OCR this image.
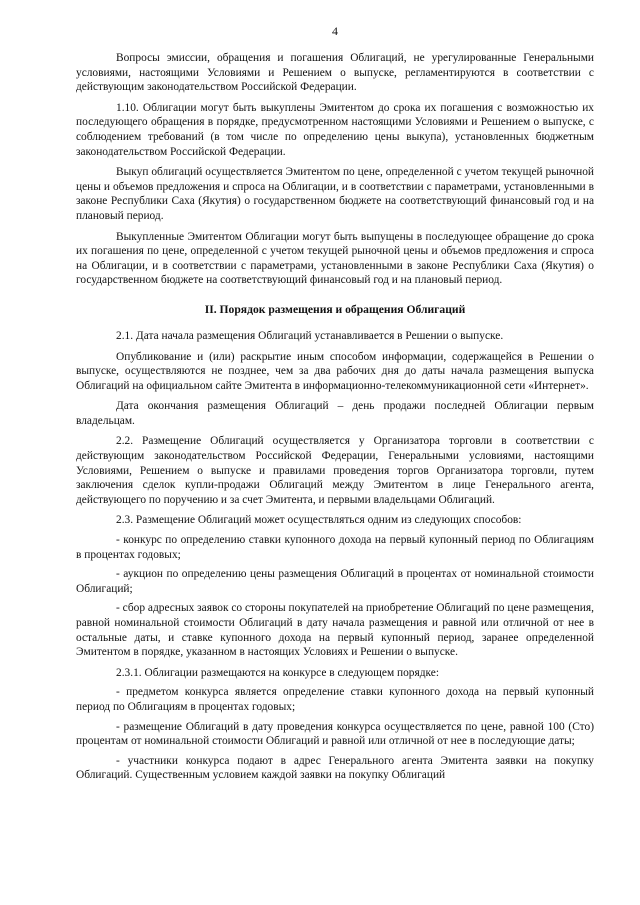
4

Вопросы эмиссии, обращения и погашения Облигаций, не урегулированные Генеральными условиями, настоящими Условиями и Решением о выпуске, регламентируются в соответствии с действующим законодательством Российской Федерации.

1.10. Облигации могут быть выкуплены Эмитентом до срока их погашения с возможностью их последующего обращения в порядке, предусмотренном настоящими Условиями и Решением о выпуске, с соблюдением требований (в том числе по определению цены выкупа), установленных бюджетным законодательством Российской Федерации.

Выкуп облигаций осуществляется Эмитентом по цене, определенной с учетом текущей рыночной цены и объемов предложения и спроса на Облигации, и в соответствии с параметрами, установленными в законе Республики Саха (Якутия) о государственном бюджете на соответствующий финансовый год и на плановый период.

Выкупленные Эмитентом Облигации могут быть выпущены в последующее обращение до срока их погашения по цене, определенной с учетом текущей рыночной цены и объемов предложения и спроса на Облигации, и в соответствии с параметрами, установленными в законе Республики Саха (Якутия) о государственном бюджете на соответствующий финансовый год и на плановый период.

II. Порядок размещения и обращения Облигаций

2.1. Дата начала размещения Облигаций устанавливается в Решении о выпуске.

Опубликование и (или) раскрытие иным способом информации, содержащейся в Решении о выпуске, осуществляются не позднее, чем за два рабочих дня до даты начала размещения выпуска Облигаций на официальном сайте Эмитента в информационно-телекоммуникационной сети «Интернет».

Дата окончания размещения Облигаций – день продажи последней Облигации первым владельцам.

2.2. Размещение Облигаций осуществляется у Организатора торговли в соответствии с действующим законодательством Российской Федерации, Генеральными условиями, настоящими Условиями, Решением о выпуске и правилами проведения торгов Организатора торговли, путем заключения сделок купли-продажи Облигаций между Эмитентом в лице Генерального агента, действующего по поручению и за счет Эмитента, и первыми владельцами Облигаций.

2.3. Размещение Облигаций может осуществляться одним из следующих способов:

- конкурс по определению ставки купонного дохода на первый купонный период по Облигациям в процентах годовых;

- аукцион по определению цены размещения Облигаций в процентах от номинальной стоимости Облигаций;

- сбор адресных заявок со стороны покупателей на приобретение Облигаций по цене размещения, равной номинальной стоимости Облигаций в дату начала размещения и равной или отличной от нее в остальные даты, и ставке купонного дохода на первый купонный период, заранее определенной Эмитентом в порядке, указанном в настоящих Условиях и Решении о выпуске.

2.3.1. Облигации размещаются на конкурсе в следующем порядке:

- предметом конкурса является определение ставки купонного дохода на первый купонный период по Облигациям в процентах годовых;

- размещение Облигаций в дату проведения конкурса осуществляется по цене, равной 100 (Сто) процентам от номинальной стоимости Облигаций и равной или отличной от нее в последующие даты;

- участники конкурса подают в адрес Генерального агента Эмитента заявки на покупку Облигаций. Существенным условием каждой заявки на покупку Облигаций
